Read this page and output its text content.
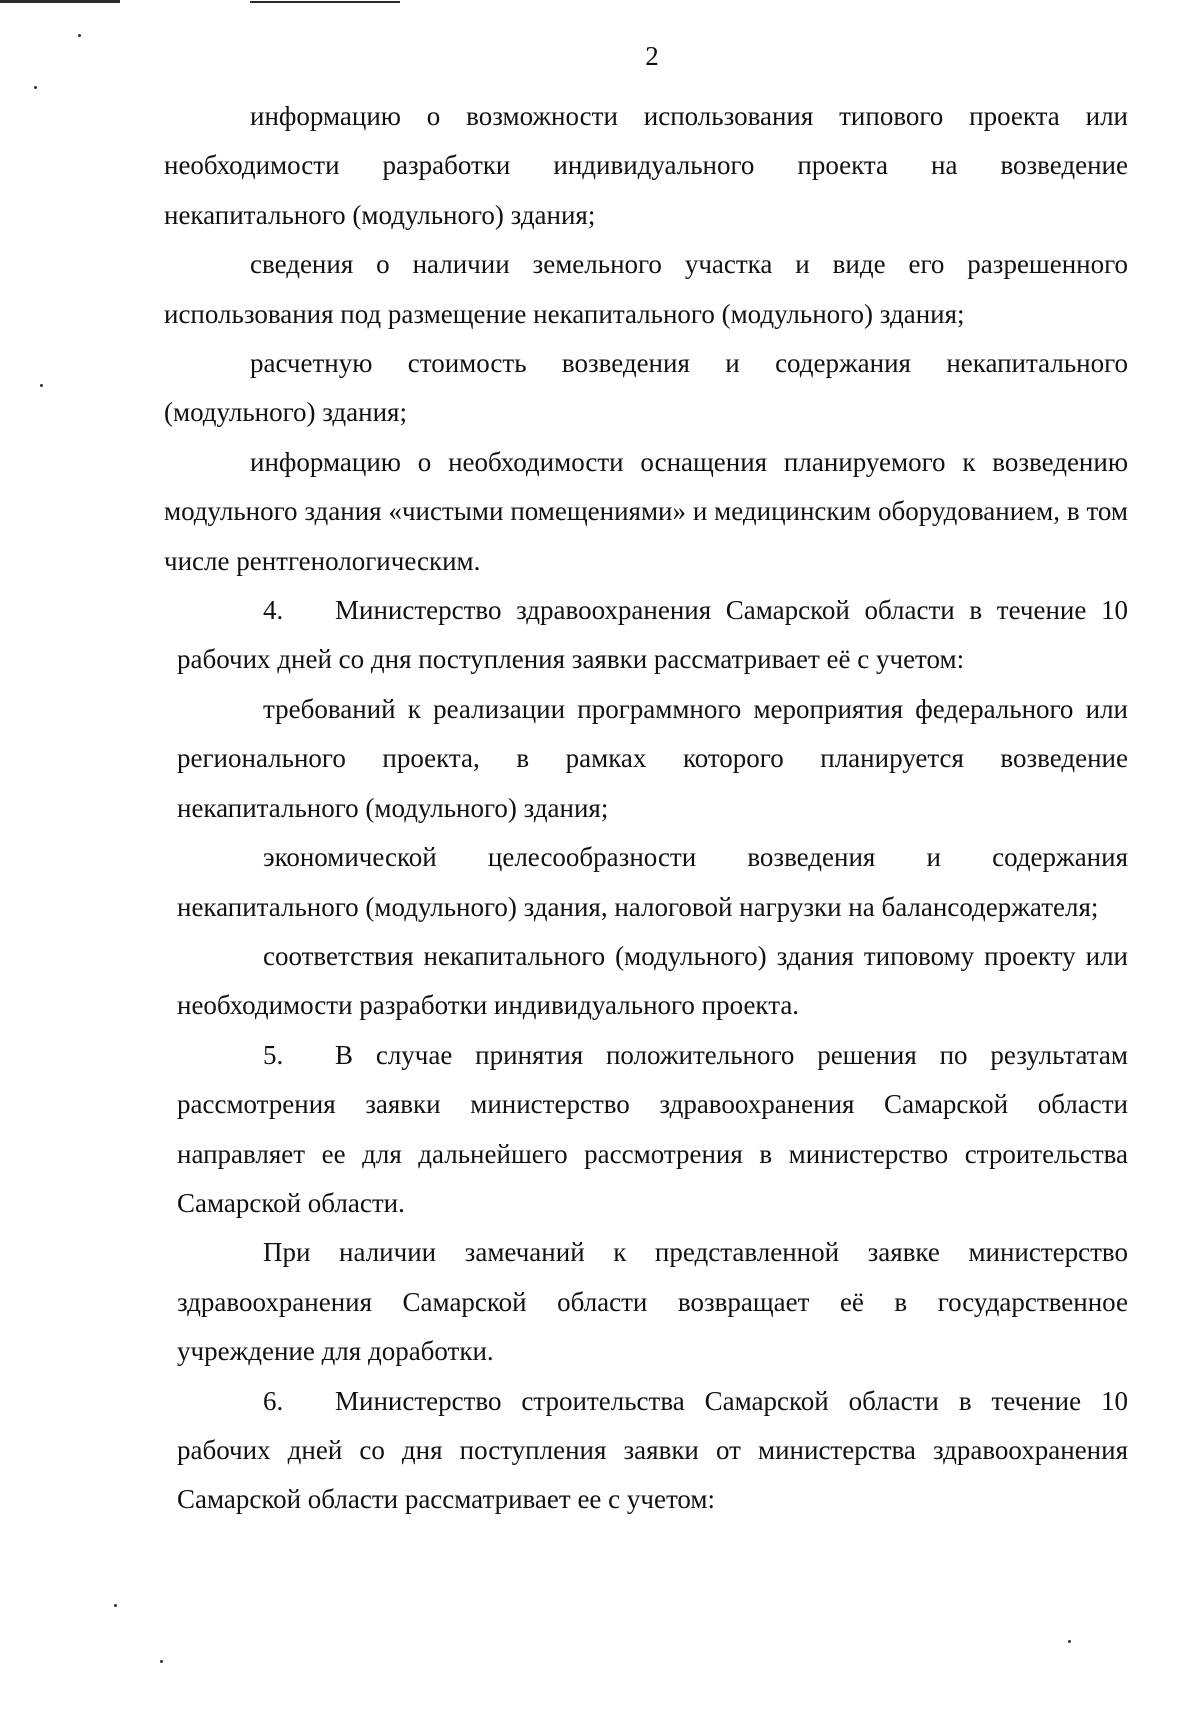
2

информацию о возможности использования типового проекта или необходимости разработки индивидуального проекта на возведение некапитального (модульного) здания;

сведения о наличии земельного участка и виде его разрешенного использования под размещение некапитального (модульного) здания;

расчетную стоимость возведения и содержания некапитального (модульного) здания;

информацию о необходимости оснащения планируемого к возведению модульного здания «чистыми помещениями» и медицинским оборудованием, в том числе рентгенологическим.

4. Министерство здравоохранения Самарской области в течение 10 рабочих дней со дня поступления заявки рассматривает её с учетом:

требований к реализации программного мероприятия федерального или регионального проекта, в рамках которого планируется возведение некапитального (модульного) здания;

экономической целесообразности возведения и содержания некапитального (модульного) здания, налоговой нагрузки на балансодержателя;

соответствия некапитального (модульного) здания типовому проекту или необходимости разработки индивидуального проекта.

5. В случае принятия положительного решения по результатам рассмотрения заявки министерство здравоохранения Самарской области направляет ее для дальнейшего рассмотрения в министерство строительства Самарской области.

При наличии замечаний к представленной заявке министерство здравоохранения Самарской области возвращает её в государственное учреждение для доработки.

6. Министерство строительства Самарской области в течение 10 рабочих дней со дня поступления заявки от министерства здравоохранения Самарской области рассматривает ее с учетом:
